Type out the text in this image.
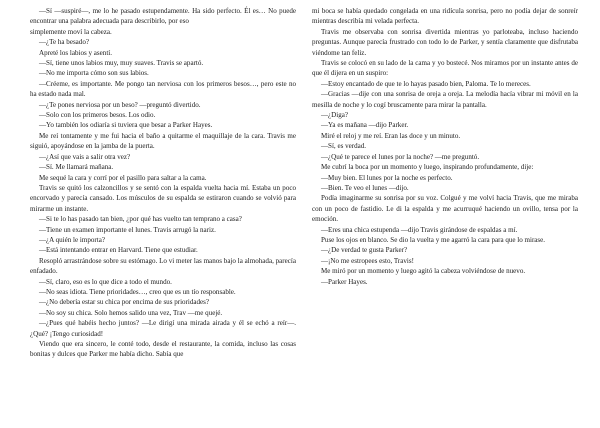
—Sí —suspiré—, me lo he pasado estupendamente. Ha sido perfecto. Él es… No puede encontrar una palabra adecuada para describirlo, por eso

simplemente moví la cabeza.

—¿Te ha besado?

Apreté los labios y asentí.

—Sí, tiene unos labios muy, muy suaves. Travis se apartó.

—No me importa cómo son sus labios.

—Créeme, es importante. Me pongo tan nerviosa con los primeros besos…, pero este no ha estado nada mal.

—¿Te pones nerviosa por un beso? —preguntó divertido.

—Solo con los primeros besos. Los odio.

—Yo también los odiaría si tuviera que besar a Parker Hayes.

Me reí tontamente y me fui hacia el baño a quitarme el maquillaje de la cara. Travis me siguió, apoyándose en la jamba de la puerta.

—¿Así que vais a salir otra vez?

—Sí. Me llamará mañana.

Me sequé la cara y corrí por el pasillo para saltar a la cama.

Travis se quitó los calzoncillos y se sentó con la espalda vuelta hacia mí. Estaba un poco encorvado y parecía cansado. Los músculos de su espalda se estiraron cuando se volvió para mirarme un instante.

—Si te lo has pasado tan bien, ¿por qué has vuelto tan temprano a casa?

—Tiene un examen importante el lunes. Travis arrugó la nariz.

—¿A quién le importa?

—Está intentando entrar en Harvard. Tiene que estudiar.

Resopló arrastrándose sobre su estómago. Lo vi meter las manos bajo la almohada, parecía enfadado.

—Sí, claro, eso es lo que dice a todo el mundo.

—No seas idiota. Tiene prioridades…, creo que es un tío responsable.

—¿No debería estar su chica por encima de sus prioridades?

—No soy su chica. Solo hemos salido una vez, Trav —me quejé.

—¿Pues qué habéis hecho juntos? —Le dirigí una mirada airada y él se echó a reír—. ¿Qué? ¡Tengo curiosidad!

Viendo que era sincero, le conté todo, desde el restaurante, la comida, incluso las cosas bonitas y dulces que Parker me había dicho. Sabía que

mi boca se había quedado congelada en una ridícula sonrisa, pero no podía dejar de sonreír mientras describía mi velada perfecta.

Travis me observaba con sonrisa divertida mientras yo parloteaba, incluso haciendo preguntas. Aunque parecía frustrado con todo lo de Parker, y sentía claramente que disfrutaba viéndome tan feliz.

Travis se colocó en su lado de la cama y yo bostecé. Nos miramos por un instante antes de que él dijera en un suspiro:

—Estoy encantado de que te lo hayas pasado bien, Paloma. Te lo mereces.

—Gracias —dije con una sonrisa de oreja a oreja. La melodía hacía vibrar mi móvil en la mesilla de noche y lo cogí bruscamente para mirar la pantalla.

—¿Diga?

—Ya es mañana —dijo Parker.

Miré el reloj y me reí. Eran las doce y un minuto.

—Sí, es verdad.

—¿Qué te parece el lunes por la noche? —me preguntó.

Me cubrí la boca por un momento y luego, inspirando profundamente, dije:

—Muy bien. El lunes por la noche es perfecto.

—Bien. Te veo el lunes —dijo.

Podía imaginarme su sonrisa por su voz. Colgué y me volví hacia Travis, que me miraba con un poco de fastidio. Le di la espalda y me acurruqué haciendo un ovillo, tensa por la emoción.

—Eres una chica estupenda —dijo Travis girándose de espaldas a mí.

Puse los ojos en blanco. Se dio la vuelta y me agarró la cara para que lo mirase.

—¿De verdad te gusta Parker?

—¡No me estropees esto, Travis!

Me miró por un momento y luego agitó la cabeza volviéndose de nuevo.

—Parker Hayes.
